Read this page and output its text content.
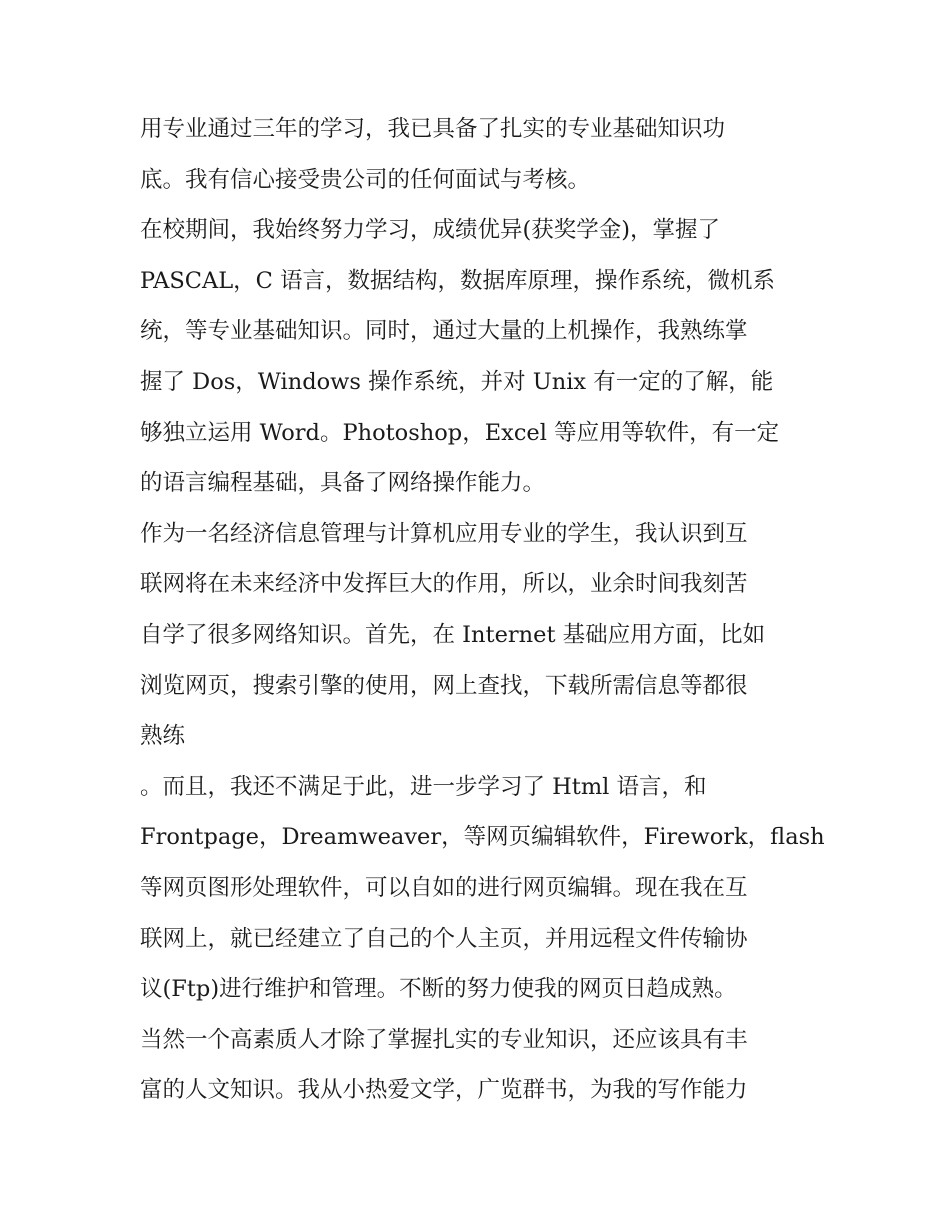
用专业通过三年的学习，我已具备了扎实的专业基础知识功
底。我有信心接受贵公司的任何面试与考核。
在校期间，我始终努力学习，成绩优异(获奖学金)，掌握了
PASCAL，C 语言，数据结构，数据库原理，操作系统，微机系
统，等专业基础知识。同时，通过大量的上机操作，我熟练掌
握了 Dos，Windows 操作系统，并对 Unix 有一定的了解，能
够独立运用 Word。Photoshop，Excel 等应用等软件，有一定
的语言编程基础，具备了网络操作能力。
作为一名经济信息管理与计算机应用专业的学生，我认识到互
联网将在未来经济中发挥巨大的作用，所以，业余时间我刻苦
自学了很多网络知识。首先，在 Internet 基础应用方面，比如
浏览网页，搜索引擎的使用，网上查找，下载所需信息等都很
熟练
。而且，我还不满足于此，进一步学习了 Html 语言，和
Frontpage，Dreamweaver，等网页编辑软件，Firework，flash
等网页图形处理软件，可以自如的进行网页编辑。现在我在互
联网上，就已经建立了自己的个人主页，并用远程文件传输协
议(Ftp)进行维护和管理。不断的努力使我的网页日趋成熟。
当然一个高素质人才除了掌握扎实的专业知识，还应该具有丰
富的人文知识。我从小热爱文学，广览群书，为我的写作能力
